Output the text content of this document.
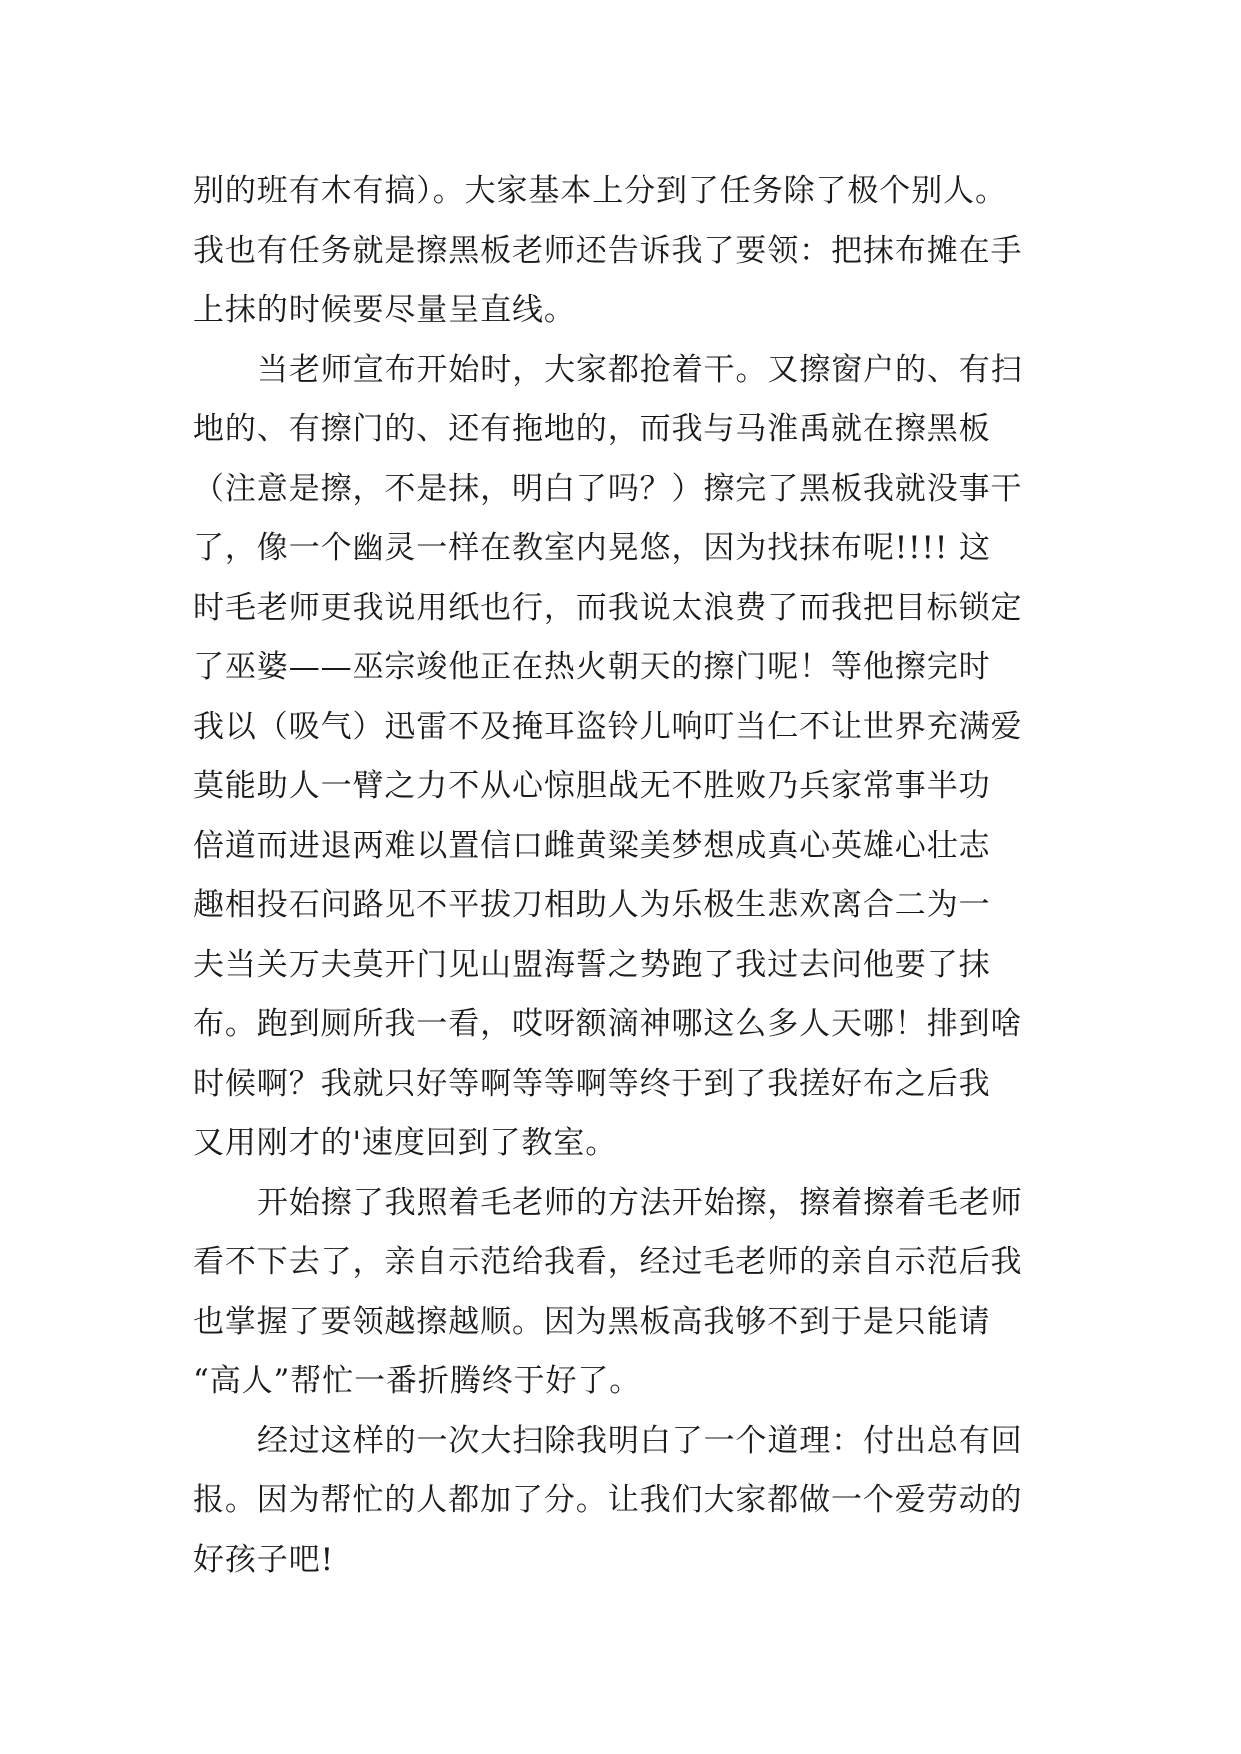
别的班有木有搞）。大家基本上分到了任务除了极个别人。
我也有任务就是擦黑板老师还告诉我了要领：把抹布摊在手
上抹的时候要尽量呈直线。
当老师宣布开始时，大家都抢着干。又擦窗户的、有扫
地的、有擦门的、还有拖地的，而我与马淮禹就在擦黑板
（注意是擦，不是抹，明白了吗？）擦完了黑板我就没事干
了，像一个幽灵一样在教室内晃悠，因为找抹布呢!!!! 这
时毛老师更我说用纸也行，而我说太浪费了而我把目标锁定
了巫婆——巫宗竣他正在热火朝天的擦门呢！等他擦完时
我以（吸气）迅雷不及掩耳盗铃儿响叮当仁不让世界充满爱
莫能助人一臂之力不从心惊胆战无不胜败乃兵家常事半功
倍道而进退两难以置信口雌黄粱美梦想成真心英雄心壮志
趣相投石问路见不平拔刀相助人为乐极生悲欢离合二为一
夫当关万夫莫开门见山盟海誓之势跑了我过去问他要了抹
布。跑到厕所我一看，哎呀额滴神哪这么多人天哪！排到啥
时候啊？我就只好等啊等等啊等终于到了我搓好布之后我
又用刚才的'速度回到了教室。
开始擦了我照着毛老师的方法开始擦，擦着擦着毛老师
看不下去了，亲自示范给我看，经过毛老师的亲自示范后我
也掌握了要领越擦越顺。因为黑板高我够不到于是只能请
“高人”帮忙一番折腾终于好了。
经过这样的一次大扫除我明白了一个道理：付出总有回
报。因为帮忙的人都加了分。让我们大家都做一个爱劳动的
好孩子吧!
